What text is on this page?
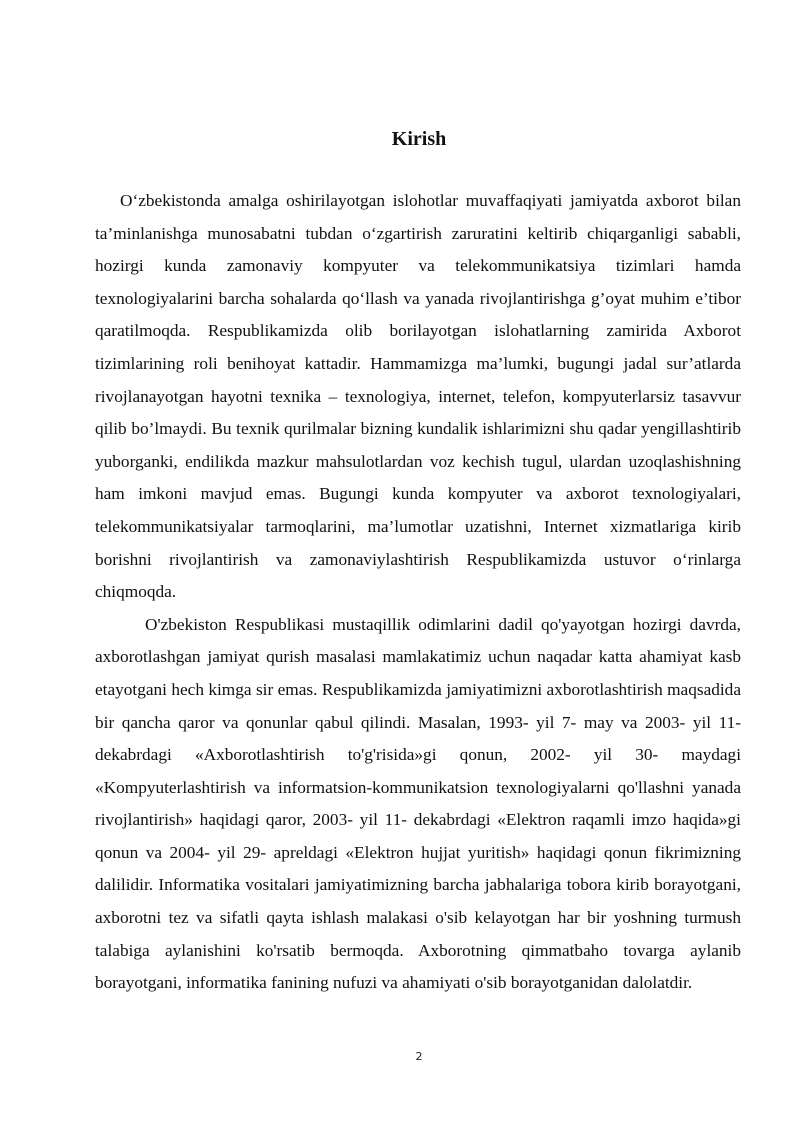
Kirish

O‘zbekistonda amalga oshirilayotgan islohotlar muvaffaqiyati jamiyatda axborot bilan ta’minlanishga munosabatni tubdan o‘zgartirish zaruratini keltirib chiqarganligi sababli, hozirgi kunda zamonaviy kompyuter va telekommunikatsiya tizimlari hamda texnologiyalarini barcha sohalarda qo‘llash va yanada rivojlantirishga g’oyat muhim e’tibor qaratilmoqda. Respublikamizda olib borilayotgan islohatlarning zamirida Axborot tizimlarining roli benihoyat kattadir. Hammamizga ma’lumki, bugungi jadal sur’atlarda rivojlanayotgan hayotni texnika – texnologiya, internet, telefon, kompyuterlarsiz tasavvur qilib bo’lmaydi. Bu texnik qurilmalar bizning kundalik ishlarimizni shu qadar yengillashtirib yuborganki, endilikda mazkur mahsulotlardan voz kechish tugul, ulardan uzoqlashishning ham imkoni mavjud emas. Bugungi kunda kompyuter va axborot texnologiyalari, telekommunikatsiyalar tarmoqlarini, ma’lumotlar uzatishni, Internet xizmatlariga kirib borishni rivojlantirish va zamonaviylashtirish Respublikamizda ustuvor o‘rinlarga chiqmoqda.

O'zbekiston Respublikasi mustaqillik odimlarini dadil qo'yayotgan hozirgi davrda, axborotlashgan jamiyat qurish masalasi mamlakatimiz uchun naqadar katta ahamiyat kasb etayotgani hech kimga sir emas. Respublikamizda jamiyatimizni axborotlashtirish maqsadida bir qancha qaror va qonunlar qabul qilindi. Masalan, 1993- yil 7- may va 2003- yil 11- dekabrdagi «Axborotlashtirish to'g'risida»gi qonun, 2002- yil 30- maydagi «Kompyuterlashtirish va informatsion-kommunikatsion texnologiyalarni qo'llashni yanada rivojlantirish» haqidagi qaror, 2003- yil 11- dekabrdagi «Elektron raqamli imzo haqida»gi qonun va 2004- yil 29- apreldagi «Elektron hujjat yuritish» haqidagi qonun fikrimizning dalilidir. Informatika vositalari jamiyatimizning barcha jabhalariga tobora kirib borayotgani, axborotni tez va sifatli qayta ishlash malakasi o'sib kelayotgan har bir yoshning turmush talabiga aylanishini ko'rsatib bermoqda. Axborotning qimmatbaho tovarga aylanib borayotgani, informatika fanining nufuzi va ahamiyati o'sib borayotganidan dalolatdir.

2
